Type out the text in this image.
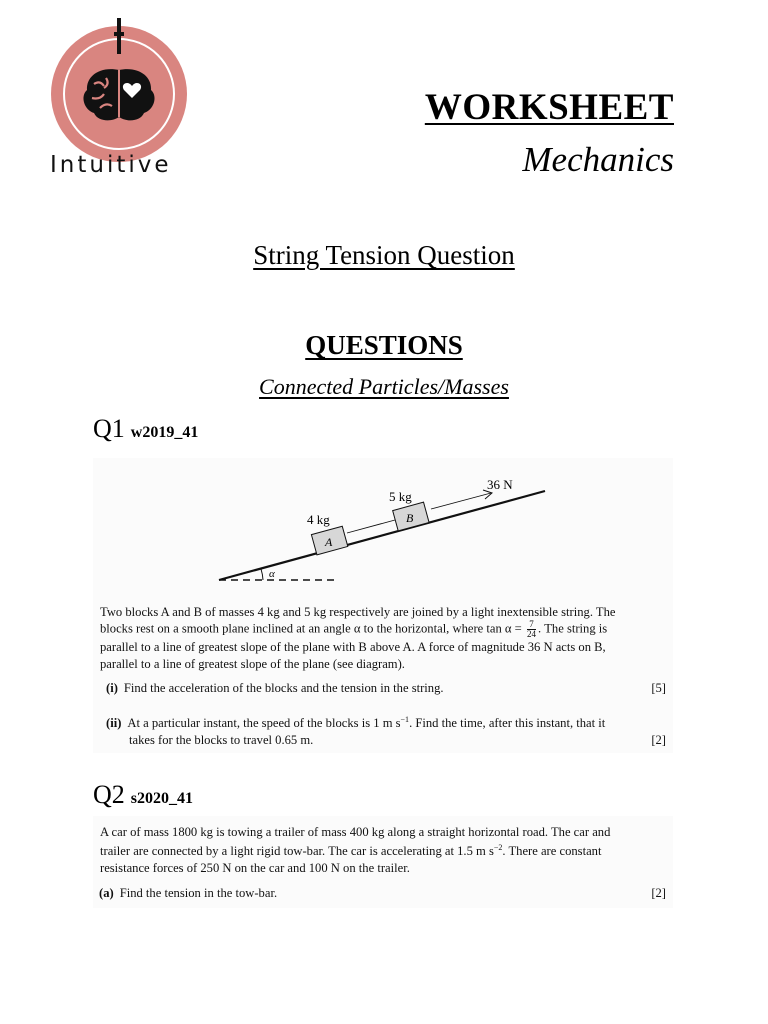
Intuitive
WORKSHEET
Mechanics
String Tension Question
QUESTIONS
Connected Particles/Masses
Q1 w2019_41
α
A
4 kg	B
5 kg
36 N
Two blocks A and B of masses 4 kg and 5 kg respectively are joined by a light inextensible string. The
blocks rest on a smooth plane inclined at an angle α to the horizontal, where $\tan \alpha = \frac{7}{24}$ . The string is
parallel to a line of greatest slope of the plane with B above A. A force of magnitude 36 N acts on B,
parallel to a line of greatest slope of the plane (see diagram).
(i) Find the acceleration of the blocks and the tension in the string.	[5]
(ii) At a particular instant, the speed of the blocks is 1 m $s^{-1}$. Find the time, after this instant, that it
takes for the blocks to travel 0.65 m.	[2]
Q2 s2020_41
A car of mass 1800 kg is towing a trailer of mass 400 kg along a straight horizontal road. The car and
trailer are connected by a light rigid tow-bar. The car is accelerating at 1.5 m $s^{-2}$. There are constant
resistance forces of 250 N on the car and 100 N on the trailer.
(a) Find the tension in the tow-bar.	[2]
